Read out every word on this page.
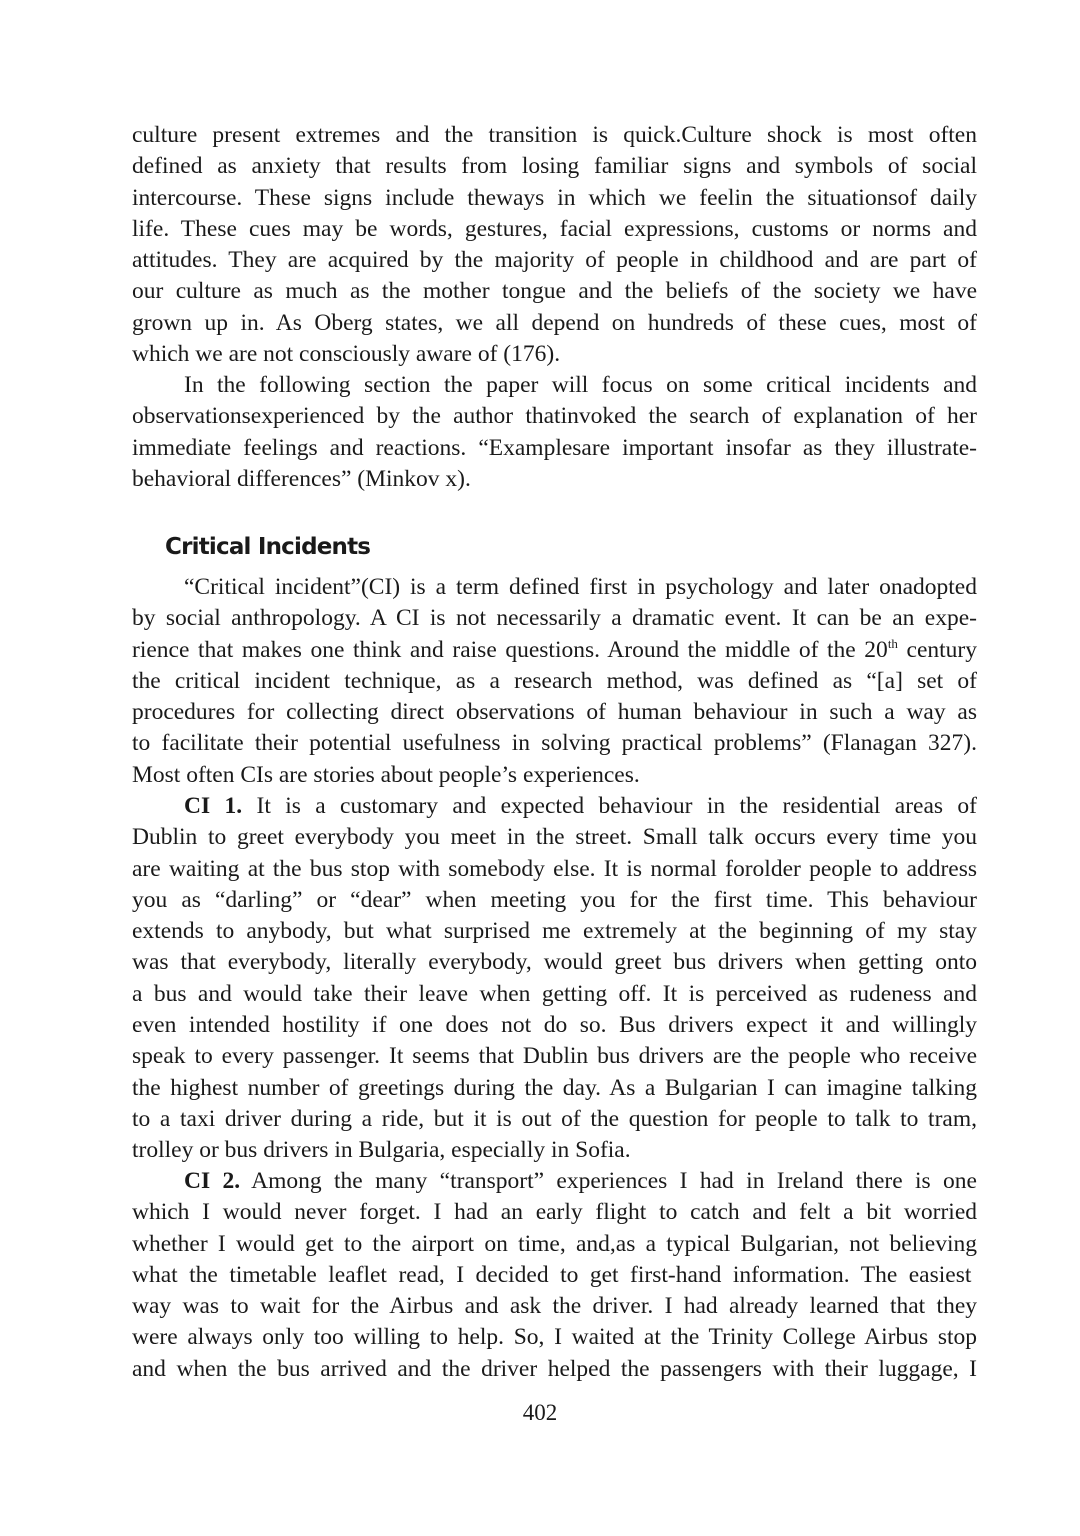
culture present extremes and the transition is quick.Culture shock is most often
defined as anxiety that results from losing familiar signs and symbols of social
intercourse. These signs include theways in which we feelin the situationsof daily
life. These cues may be words, gestures, facial expressions, customs or norms and
attitudes. They are acquired by the majority of people in childhood and are part of
our culture as much as the mother tongue and the beliefs of the society we have
grown up in. As Oberg states, we all depend on hundreds of these cues, most of
which we are not consciously aware of (176).
In the following section the paper will focus on some critical incidents and
observationsexperienced by the author thatinvoked the search of explanation of her
immediate feelings and reactions. “Examplesare important insofar as they illustrate-
behavioral differences” (Minkov x).
Critical Incidents
“Critical incident”(CI) is a term defined first in psychology and later onadopted
by social anthropology. A CI is not necessarily a dramatic event. It can be an expe-
rience that makes one think and raise questions. Around the middle of the 20th century
the critical incident technique, as a research method, was defined as “[a] set of
procedures for collecting direct observations of human behaviour in such a way as
to facilitate their potential usefulness in solving practical problems” (Flanagan 327).
Most often CIs are stories about people’s experiences.
CI 1. It is a customary and expected behaviour in the residential areas of
Dublin to greet everybody you meet in the street. Small talk occurs every time you
are waiting at the bus stop with somebody else. It is normal forolder people to address
you as “darling” or “dear” when meeting you for the first time. This behaviour
extends to anybody, but what surprised me extremely at the beginning of my stay
was that everybody, literally everybody, would greet bus drivers when getting onto
a bus and would take their leave when getting off. It is perceived as rudeness and
even intended hostility if one does not do so. Bus drivers expect it and willingly
speak to every passenger. It seems that Dublin bus drivers are the people who receive
the highest number of greetings during the day. As a Bulgarian I can imagine talking
to a taxi driver during a ride, but it is out of the question for people to talk to tram,
trolley or bus drivers in Bulgaria, especially in Sofia.
CI 2. Among the many “transport” experiences I had in Ireland there is one
which I would never forget. I had an early flight to catch and felt a bit worried
whether I would get to the airport on time, and,as a typical Bulgarian, not believing
what the timetable leaflet read, I decided to get first-hand information. The easiest
way was to wait for the Airbus and ask the driver. I had already learned that they
were always only too willing to help. So, I waited at the Trinity College Airbus stop
and when the bus arrived and the driver helped the passengers with their luggage, I
402
